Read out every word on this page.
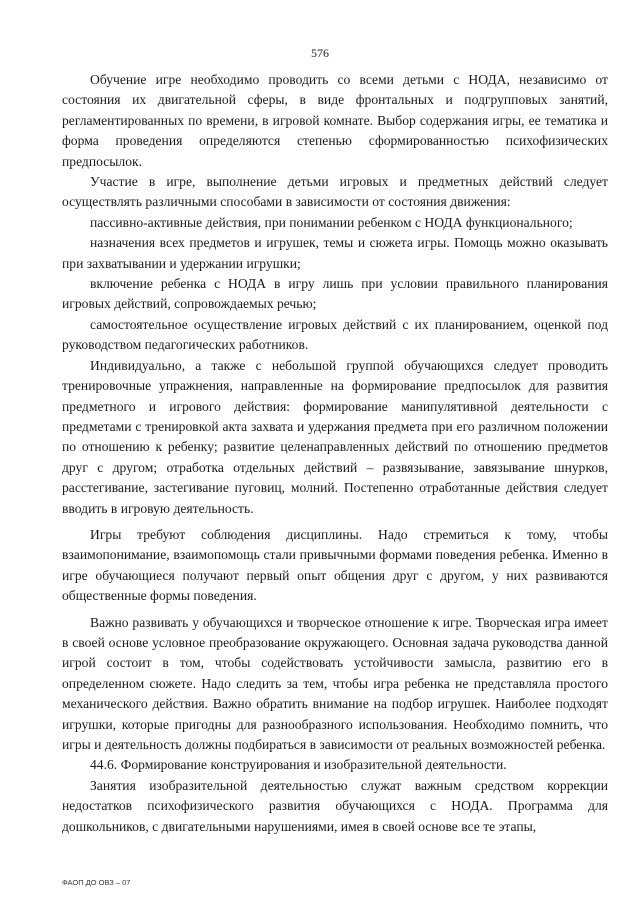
576

Обучение игре необходимо проводить со всеми детьми с НОДА, независимо от состояния их двигательной сферы, в виде фронтальных и подгрупповых занятий, регламентированных по времени, в игровой комнате. Выбор содержания игры, ее тематика и форма проведения определяются степенью сформированностью психофизических предпосылок.

Участие в игре, выполнение детьми игровых и предметных действий следует осуществлять различными способами в зависимости от состояния движения:

пассивно-активные действия, при понимании ребенком с НОДА функционального;

назначения всех предметов и игрушек, темы и сюжета игры. Помощь можно оказывать при захватывании и удержании игрушки;

включение ребенка с НОДА в игру лишь при условии правильного планирования игровых действий, сопровождаемых речью;

самостоятельное осуществление игровых действий с их планированием, оценкой под руководством педагогических работников.

Индивидуально, а также с небольшой группой обучающихся следует проводить тренировочные упражнения, направленные на формирование предпосылок для развития предметного и игрового действия: формирование манипулятивной деятельности с предметами с тренировкой акта захвата и удержания предмета при его различном положении по отношению к ребенку; развитие целенаправленных действий по отношению предметов друг с другом; отработка отдельных действий – развязывание, завязывание шнурков, расстегивание, застегивание пуговиц, молний. Постепенно отработанные действия следует вводить в игровую деятельность.

Игры требуют соблюдения дисциплины. Надо стремиться к тому, чтобы взаимопонимание, взаимопомощь стали привычными формами поведения ребенка. Именно в игре обучающиеся получают первый опыт общения друг с другом, у них развиваются общественные формы поведения.

Важно развивать у обучающихся и творческое отношение к игре. Творческая игра имеет в своей основе условное преобразование окружающего. Основная задача руководства данной игрой состоит в том, чтобы содействовать устойчивости замысла, развитию его в определенном сюжете. Надо следить за тем, чтобы игра ребенка не представляла простого механического действия. Важно обратить внимание на подбор игрушек. Наиболее подходят игрушки, которые пригодны для разнообразного использования. Необходимо помнить, что игры и деятельность должны подбираться в зависимости от реальных возможностей ребенка.

44.6. Формирование конструирования и изобразительной деятельности.

Занятия изобразительной деятельностью служат важным средством коррекции недостатков психофизического развития обучающихся с НОДА. Программа для дошкольников, с двигательными нарушениями, имея в своей основе все те этапы,

ФАОП ДО ОВЗ – 07
